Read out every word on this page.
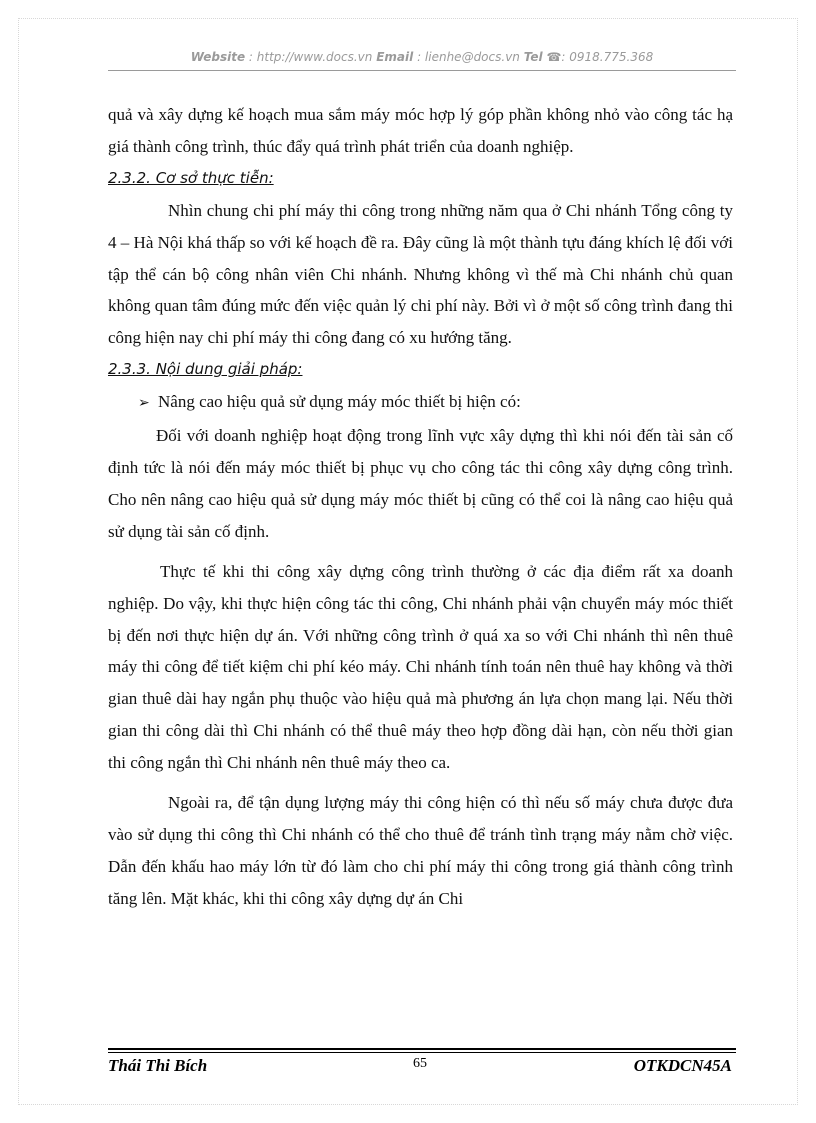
Website : http://www.docs.vn Email : lienhe@docs.vn Tel ☎: 0918.775.368

quả và xây dựng kế hoạch mua sắm máy móc hợp lý góp phần không nhỏ vào công tác hạ giá thành công trình, thúc đẩy quá trình phát triển của doanh nghiệp.

2.3.2. Cơ sở thực tiễn:

Nhìn chung chi phí máy thi công trong những năm qua ở Chi nhánh Tổng công ty 4 – Hà Nội khá thấp so với kế hoạch đề ra. Đây cũng là một thành tựu đáng khích lệ đối với tập thể cán bộ công nhân viên Chi nhánh. Nhưng không vì thế mà Chi nhánh chủ quan không quan tâm đúng mức đến việc quản lý chi phí này. Bởi vì ở một số công trình đang thi công hiện nay chi phí máy thi công đang có xu hướng tăng.

2.3.3. Nội dung giải pháp:
➢ Nâng cao hiệu quả sử dụng máy móc thiết bị hiện có:

Đối với doanh nghiệp hoạt động trong lĩnh vực xây dựng thì khi nói đến tài sản cố định tức là nói đến máy móc thiết bị phục vụ cho công tác thi công xây dựng công trình. Cho nên nâng cao hiệu quả sử dụng máy móc thiết bị cũng có thể coi là nâng cao hiệu quả sử dụng tài sản cố định.

Thực tế khi thi công xây dựng công trình thường ở các địa điểm rất xa doanh nghiệp. Do vậy, khi thực hiện công tác thi công, Chi nhánh phải vận chuyển máy móc thiết bị đến nơi thực hiện dự án. Với những công trình ở quá xa so với Chi nhánh thì nên thuê máy thi công để tiết kiệm chi phí kéo máy. Chi nhánh tính toán nên thuê hay không và thời gian thuê dài hay ngắn phụ thuộc vào hiệu quả mà phương án lựa chọn mang lại. Nếu thời gian thi công dài thì Chi nhánh có thể thuê máy theo hợp đồng dài hạn, còn nếu thời gian thi công ngắn thì Chi nhánh nên thuê máy theo ca.

Ngoài ra, để tận dụng lượng máy thi công hiện có thì nếu số máy chưa được đưa vào sử dụng thi công thì Chi nhánh có thể cho thuê để tránh tình trạng máy nằm chờ việc. Dẫn đến khấu hao máy lớn từ đó làm cho chi phí máy thi công trong giá thành công trình tăng lên. Mặt khác, khi thi công xây dựng dự án Chi

Thái Thi Bích	65	OTKDCN45A
